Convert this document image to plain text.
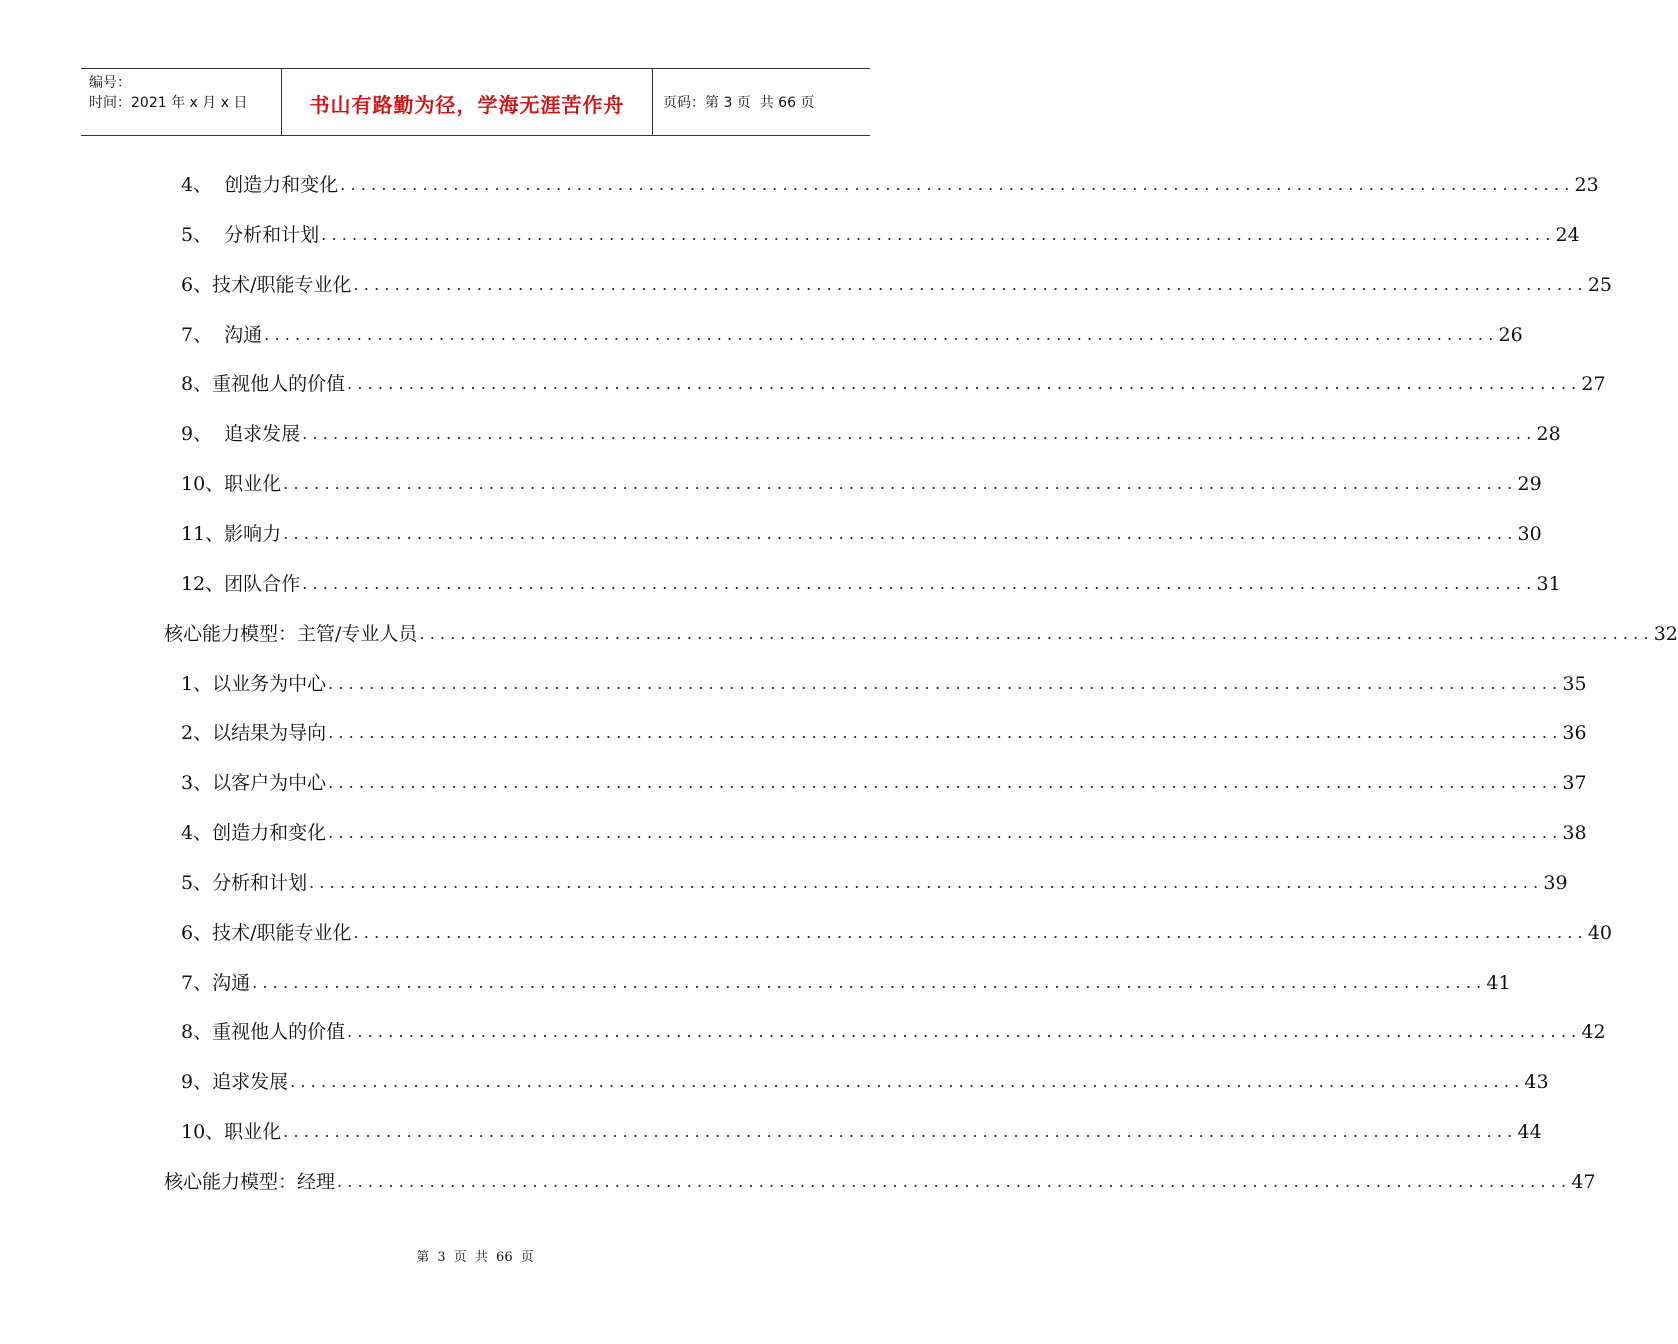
编号：
时间：2021 年 x 月 x 日	书山有路勤为径，学海无涯苦作舟	页码：第 3 页  共 66 页
4、  创造力和变化 ........................................................................................................................ 23
5、  分析和计划 ........................................................................................................................ 24
6、技术/职能专业化 ........................................................................................................................ 25
7、  沟通 ........................................................................................................................ 26
8、重视他人的价值 ........................................................................................................................ 27
9、  追求发展 ........................................................................................................................ 28
10、职业化 ........................................................................................................................ 29
11、影响力 ........................................................................................................................ 30
12、团队合作 ........................................................................................................................ 31
核心能力模型：主管/专业人员 ........................................................................................................................ 32
1、以业务为中心 ........................................................................................................................ 35
2、以结果为导向 ........................................................................................................................ 36
3、以客户为中心 ........................................................................................................................ 37
4、创造力和变化 ........................................................................................................................ 38
5、分析和计划 ........................................................................................................................ 39
6、技术/职能专业化 ........................................................................................................................ 40
7、沟通 ........................................................................................................................ 41
8、重视他人的价值 ........................................................................................................................ 42
9、追求发展 ........................................................................................................................ 43
10、职业化 ........................................................................................................................ 44
核心能力模型：经理 ........................................................................................................................ 47
第 3 页 共 66 页
